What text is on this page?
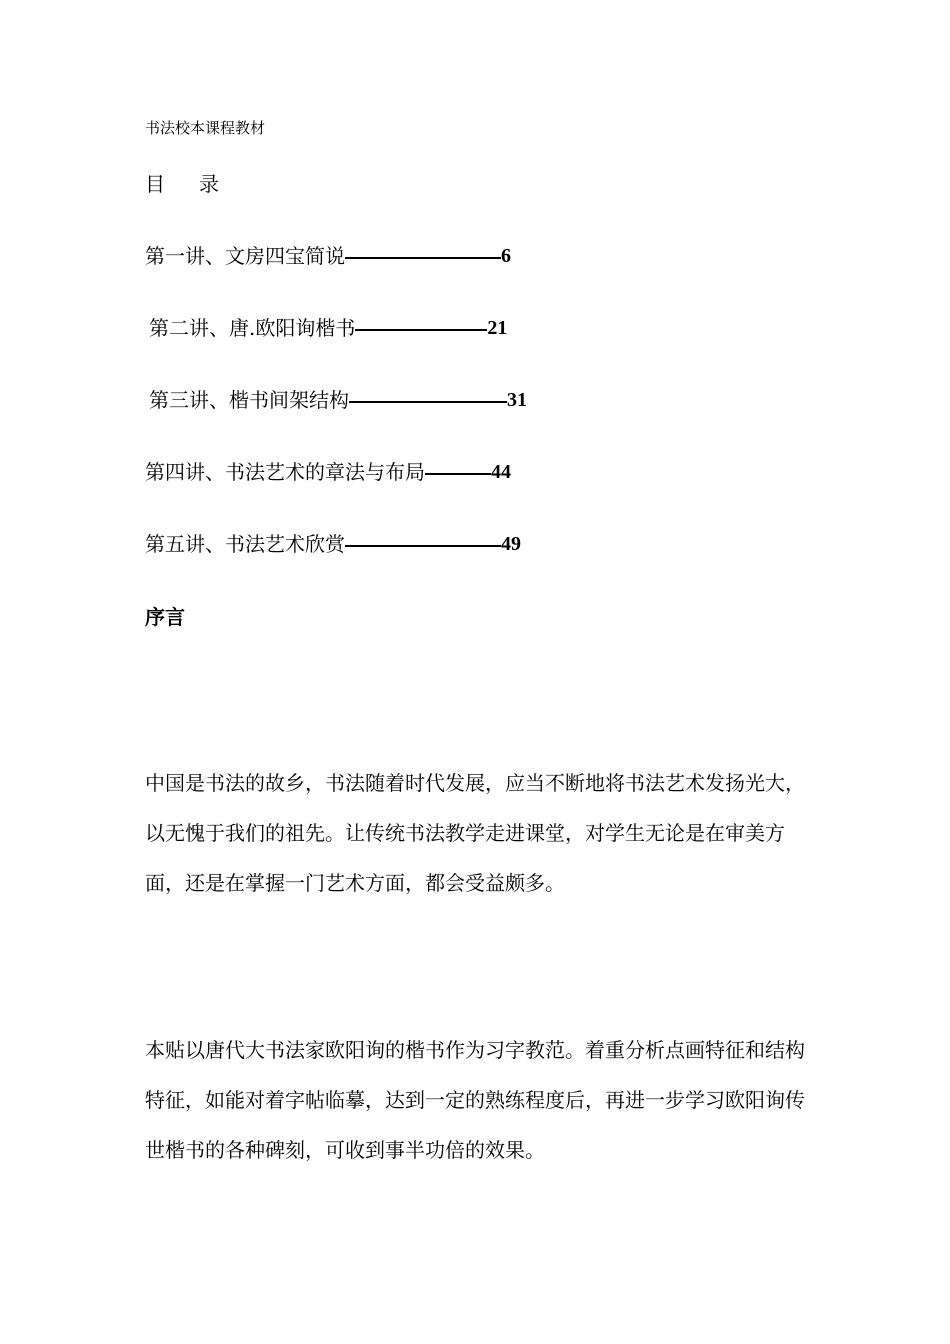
书法校本课程教材
目 录
第一讲、文房四宝简说	6
第二讲、唐.欧阳询楷书	21
第三讲、楷书间架结构	31
第四讲、书法艺术的章法与布局	44
第五讲、书法艺术欣赏	49
序言
中国是书法的故乡，书法随着时代发展，应当不断地将书法艺术发扬光大，以无愧于我们的祖先。让传统书法教学走进课堂，对学生无论是在审美方面，还是在掌握一门艺术方面，都会受益颇多。
本贴以唐代大书法家欧阳询的楷书作为习字教范。着重分析点画特征和结构特征，如能对着字帖临摹，达到一定的熟练程度后，再进一步学习欧阳询传世楷书的各种碑刻，可收到事半功倍的效果。
